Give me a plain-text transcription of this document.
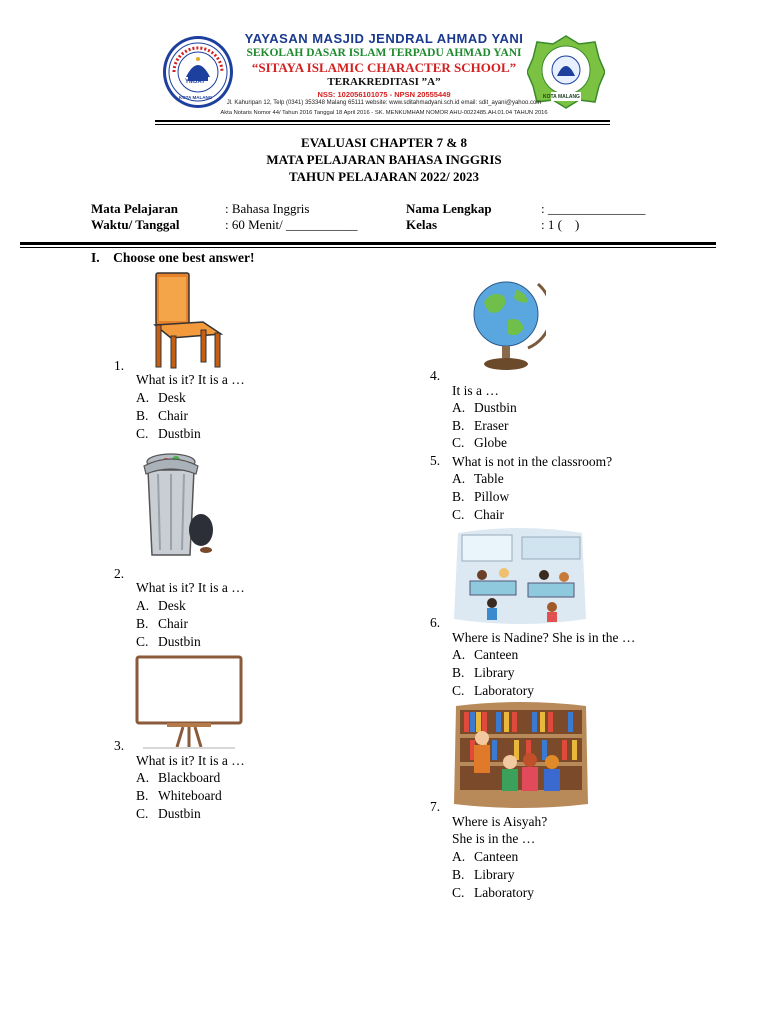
YMJAY
KOTA MALANG	KOTA MALANG
YAYASAN MASJID JENDRAL AHMAD YANI
SEKOLAH DASAR ISLAM TERPADU AHMAD YANI
“SITAYA ISLAMIC CHARACTER SCHOOL”
TERAKREDITASI ”A”
NSS: 102056101075 - NPSN 20555449
Jl. Kahuripan 12, Telp (0341) 353348 Malang 65111 website: www.sditahmadyani.sch.id email: sdit_ayani@yahoo.com
Akta Notaris Nomor 44/ Tahun 2016 Tanggal 18 April 2016 - SK. MENKUMHAM NOMOR AHU-0022485.AH.01.04 TAHUN 2016
EVALUASI CHAPTER 7 & 8
MATA PELAJARAN BAHASA INGGRIS
TAHUN PELAJARAN 2022/ 2023
Mata Pelajaran	: Bahasa Inggris
Waktu/ Tanggal	: 60 Menit/ ___________
Nama Lengkap	: _______________
Kelas	: 1 (    )
I.    Choose one best answer!
1.
What is it? It is a …
A. Desk
B. Chair
C. Dustbin
2.
What is it? It is a …
A. Desk
B. Chair
C. Dustbin
3.
What is it? It is a …
A. Blackboard
B. Whiteboard
C. Dustbin
4.
It is a …
A. Dustbin
B. Eraser
C. Globe
5. What is not in the classroom?
A. Table
B. Pillow
C. Chair
6.
Where is Nadine? She is in the …
A. Canteen
B. Library
C. Laboratory
7.
Where is Aisyah?
She is in the …
A. Canteen
B. Library
C. Laboratory
